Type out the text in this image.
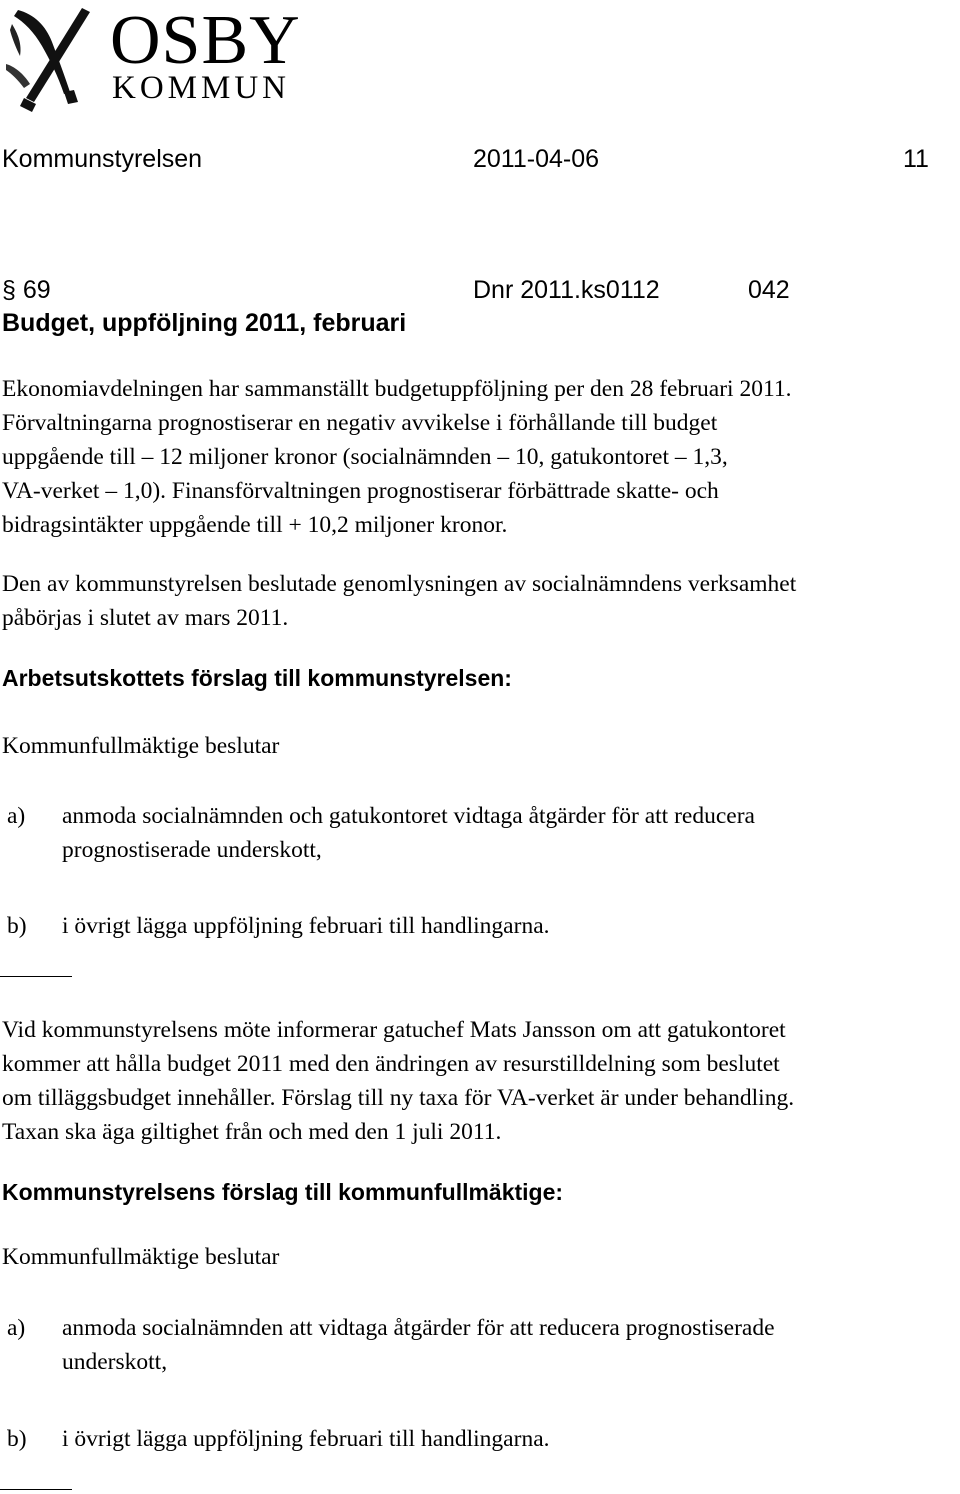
OSBY
KOMMUN
Kommunstyrelsen	2011-04-06	11
§ 69	Dnr 2011.ks0112	042
Budget, uppföljning 2011, februari
Ekonomiavdelningen har sammanställt budgetuppföljning per den 28 februari 2011.
Förvaltningarna prognostiserar en negativ avvikelse i förhållande till budget
uppgående till – 12 miljoner kronor (socialnämnden – 10, gatukontoret – 1,3,
VA-verket – 1,0). Finansförvaltningen prognostiserar förbättrade skatte- och
bidragsintäkter uppgående till + 10,2 miljoner kronor.
Den av kommunstyrelsen beslutade genomlysningen av socialnämndens verksamhet
påbörjas i slutet av mars 2011.
Arbetsutskottets förslag till kommunstyrelsen:
Kommunfullmäktige beslutar
a) anmoda socialnämnden och gatukontoret vidtaga åtgärder för att reducera
prognostiserade underskott,
b) i övrigt lägga uppföljning februari till handlingarna.
Vid kommunstyrelsens möte informerar gatuchef Mats Jansson om att gatukontoret
kommer att hålla budget 2011 med den ändringen av resurstilldelning som beslutet
om tilläggsbudget innehåller. Förslag till ny taxa för VA-verket är under behandling.
Taxan ska äga giltighet från och med den 1 juli 2011.
Kommunstyrelsens förslag till kommunfullmäktige:
Kommunfullmäktige beslutar
a) anmoda socialnämnden att vidtaga åtgärder för att reducera prognostiserade
underskott,
b) i övrigt lägga uppföljning februari till handlingarna.
